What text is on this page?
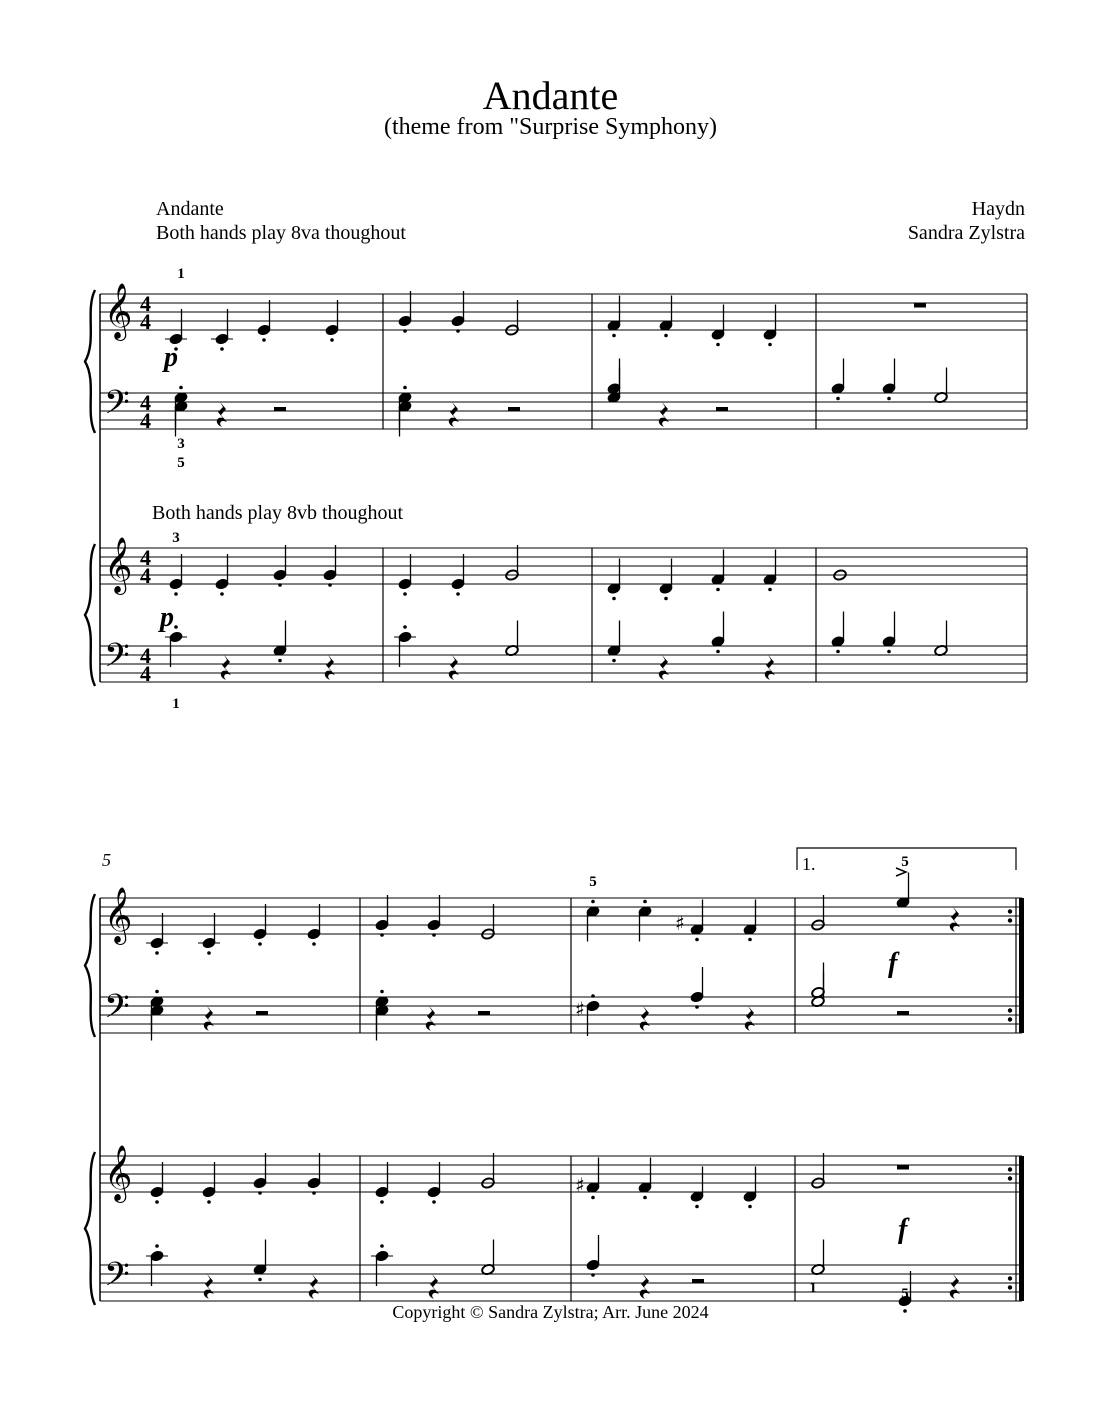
Andante
(theme from "Surprise Symphony)
Andante
Both hands play 8va thoughout
Haydn
Sandra Zylstra
Both hands play 8vb thoughout
Copyright © Sandra Zylstra; Arr. June 2024
𝄞
𝄢
4
4
4
4
𝄞
𝄢
4
4
4
4
𝄞
𝄢
𝄞
𝄢
1
p
3
5
3
p
1
5
♯
5
5
1.
f
♯
♯
f
1	5
